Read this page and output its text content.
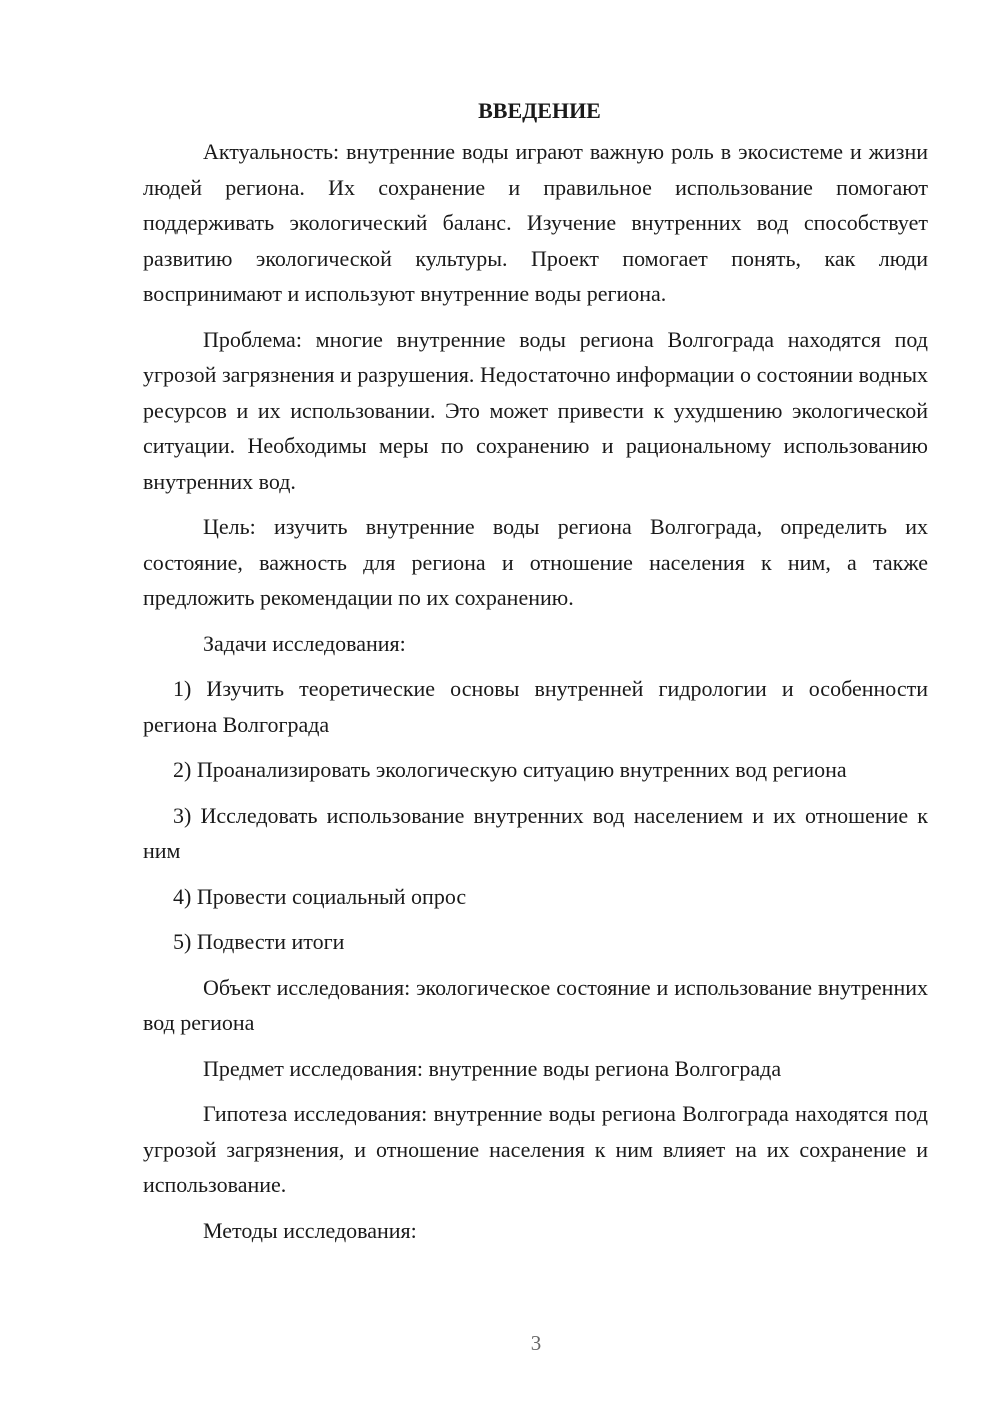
ВВЕДЕНИЕ

Актуальность: внутренние воды играют важную роль в экосистеме и жизни людей региона. Их сохранение и правильное использование помогают поддерживать экологический баланс. Изучение внутренних вод способствует развитию экологической культуры. Проект помогает понять, как люди воспринимают и используют внутренние воды региона.

Проблема: многие внутренние воды региона Волгограда находятся под угрозой загрязнения и разрушения. Недостаточно информации о состоянии водных ресурсов и их использовании. Это может привести к ухудшению экологической ситуации. Необходимы меры по сохранению и рациональному использованию внутренних вод.

Цель: изучить внутренние воды региона Волгограда, определить их состояние, важность для региона и отношение населения к ним, а также предложить рекомендации по их сохранению.

Задачи исследования:

1) Изучить теоретические основы внутренней гидрологии и особенности региона Волгограда

2) Проанализировать экологическую ситуацию внутренних вод региона

3) Исследовать использование внутренних вод населением и их отношение к ним

4) Провести социальный опрос

5) Подвести итоги

Объект исследования: экологическое состояние и использование внутренних вод региона

Предмет исследования: внутренние воды региона Волгограда

Гипотеза исследования: внутренние воды региона Волгограда находятся под угрозой загрязнения, и отношение населения к ним влияет на их сохранение и использование.

Методы исследования:

3
